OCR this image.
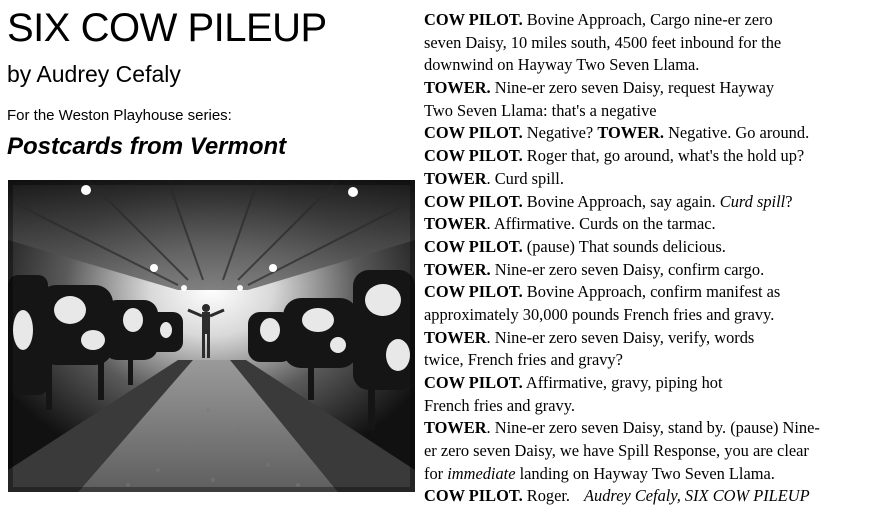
SIX COW PILEUP
by Audrey Cefaly
For the Weston Playhouse series:
Postcards from Vermont
COW PILOT. Bovine Approach, Cargo nine-er zero
seven Daisy, 10 miles south, 4500 feet inbound for the
downwind on Hayway Two Seven Llama.
TOWER. Nine-er zero seven Daisy, request Hayway
Two Seven Llama: that's a negative
COW PILOT. Negative? TOWER. Negative. Go around.
COW PILOT. Roger that, go around, what's the hold up?
TOWER. Curd spill.
COW PILOT. Bovine Approach, say again. Curd spill?
TOWER. Affirmative. Curds on the tarmac.
COW PILOT. (pause) That sounds delicious.
TOWER. Nine-er zero seven Daisy, confirm cargo.
COW PILOT. Bovine Approach, confirm manifest as
approximately 30,000 pounds French fries and gravy.
TOWER. Nine-er zero seven Daisy, verify, words
twice, French fries and gravy?
COW PILOT. Affirmative, gravy, piping hot
French fries and gravy.
TOWER. Nine-er zero seven Daisy, stand by. (pause) Nine-
er zero seven Daisy, we have Spill Response, you are clear
for immediate landing on Hayway Two Seven Llama.
COW PILOT. Roger. Audrey Cefaly, SIX COW PILEUP
